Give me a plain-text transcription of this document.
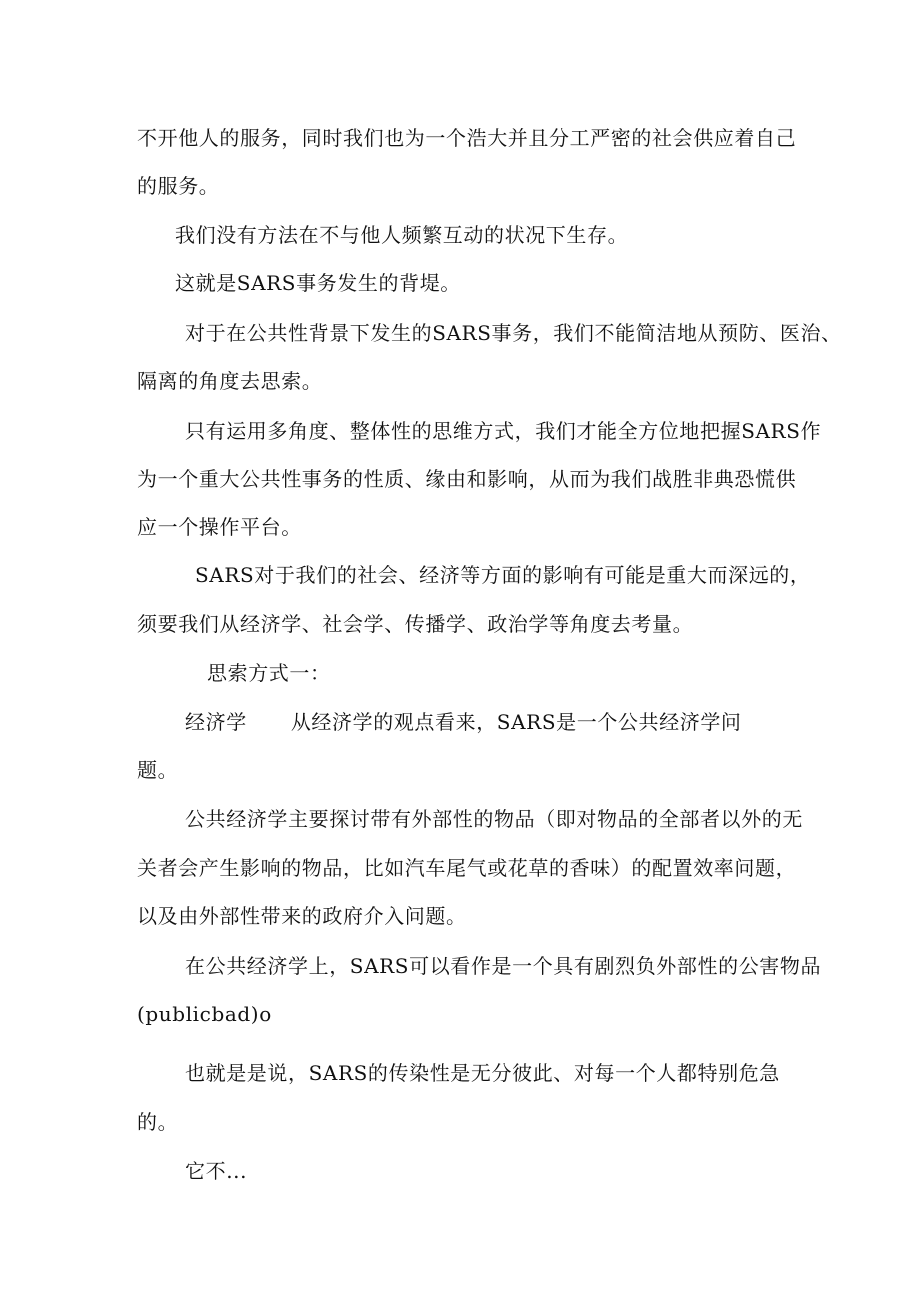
不开他人的服务，同时我们也为一个浩大并且分工严密的社会供应着自己
的服务。
我们没有方法在不与他人频繁互动的状况下生存。
这就是SARS事务发生的背堤。
对于在公共性背景下发生的SARS事务，我们不能简洁地从预防、医治、
隔离的角度去思索。
只有运用多角度、整体性的思维方式，我们才能全方位地把握SARS作
为一个重大公共性事务的性质、缘由和影响，从而为我们战胜非典恐慌供
应一个操作平台。
SARS对于我们的社会、经济等方面的影响有可能是重大而深远的，
须要我们从经济学、社会学、传播学、政治学等角度去考量。
思索方式一：
经济学 从经济学的观点看来，SARS是一个公共经济学问
题。
公共经济学主要探讨带有外部性的物品（即对物品的全部者以外的无
关者会产生影响的物品，比如汽车尾气或花草的香味）的配置效率问题，
以及由外部性带来的政府介入问题。
在公共经济学上，SARS可以看作是一个具有剧烈负外部性的公害物品
(publicbad)o
也就是是说，SARS的传染性是无分彼此、对每一个人都特别危急
的。
它不...
